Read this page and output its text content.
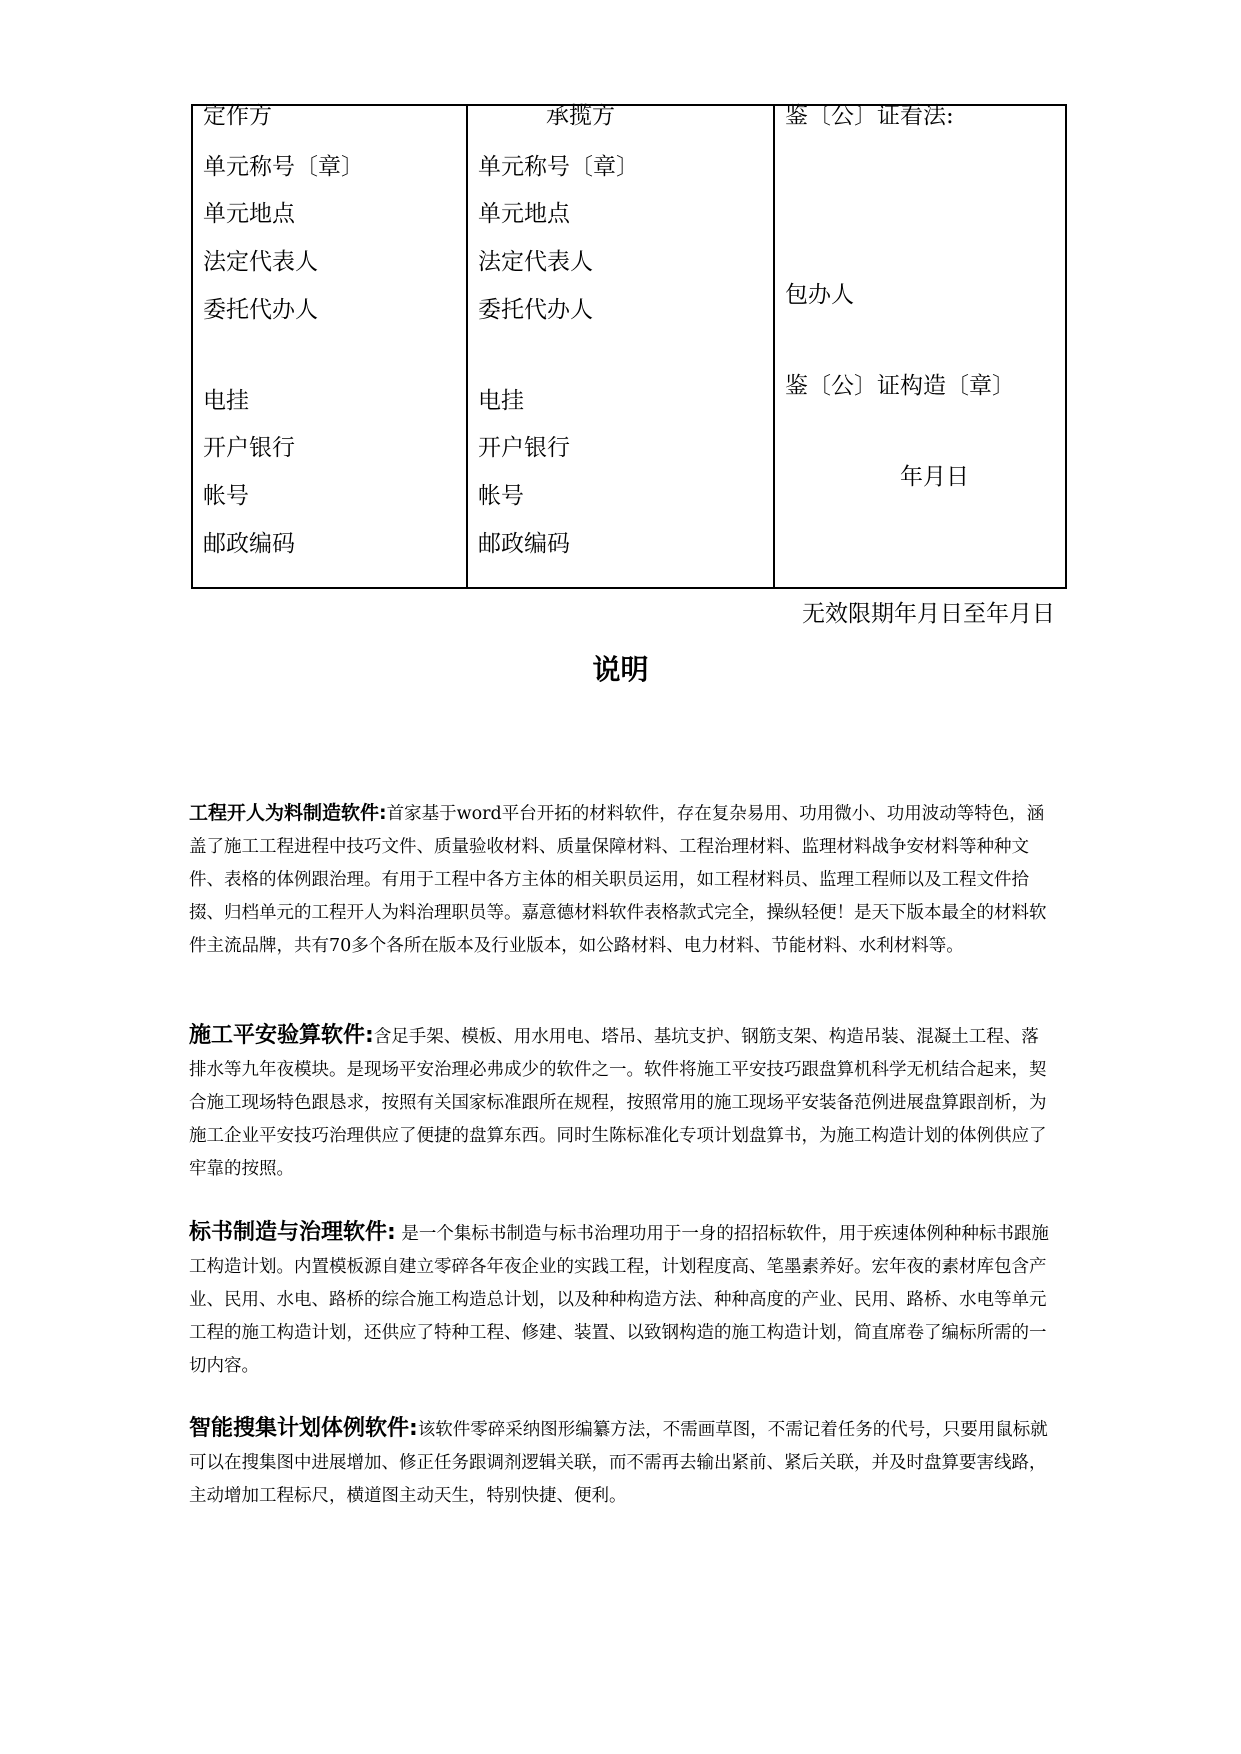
定作方
单元称号〔章〕
单元地点
法定代表人
委托代办人
电挂
开户银行
帐号
邮政编码
承揽方
单元称号〔章〕
单元地点
法定代表人
委托代办人
电挂
开户银行
帐号
邮政编码
鉴〔公〕证看法:
包办人
鉴〔公〕证构造〔章〕
年月日
无效限期年月日至年月日
说明
工程开人为料制造软件:首家基于word平台开拓的材料软件，存在复杂易用、功用微小、功用波动等特色，涵盖了施工工程进程中技巧文件、质量验收材料、质量保障材料、工程治理材料、监理材料战争安材料等种种文件、表格的体例跟治理。有用于工程中各方主体的相关职员运用，如工程材料员、监理工程师以及工程文件拾掇、归档单元的工程开人为料治理职员等。嘉意德材料软件表格款式完全，操纵轻便！是天下版本最全的材料软件主流品牌，共有70多个各所在版本及行业版本，如公路材料、电力材料、节能材料、水利材料等。
施工平安验算软件:含足手架、模板、用水用电、塔吊、基坑支护、钢筋支架、构造吊装、混凝土工程、落排水等九年夜模块。是现场平安治理必弗成少的软件之一。软件将施工平安技巧跟盘算机科学无机结合起来，契合施工现场特色跟恳求，按照有关国家标准跟所在规程，按照常用的施工现场平安装备范例进展盘算跟剖析，为施工企业平安技巧治理供应了便捷的盘算东西。同时生陈标准化专项计划盘算书，为施工构造计划的体例供应了牢靠的按照。
标书制造与治理软件: 是一个集标书制造与标书治理功用于一身的招招标软件，用于疾速体例种种标书跟施工构造计划。内置模板源自建立零碎各年夜企业的实践工程，计划程度高、笔墨素养好。宏年夜的素材库包含产业、民用、水电、路桥的综合施工构造总计划，以及种种构造方法、种种高度的产业、民用、路桥、水电等单元工程的施工构造计划，还供应了特种工程、修建、装置、以致钢构造的施工构造计划，简直席卷了编标所需的一切内容。
智能搜集计划体例软件:该软件零碎采纳图形编纂方法，不需画草图，不需记着任务的代号，只要用鼠标就可以在搜集图中进展增加、修正任务跟调剂逻辑关联，而不需再去输出紧前、紧后关联，并及时盘算要害线路，主动增加工程标尺，横道图主动天生，特别快捷、便利。
